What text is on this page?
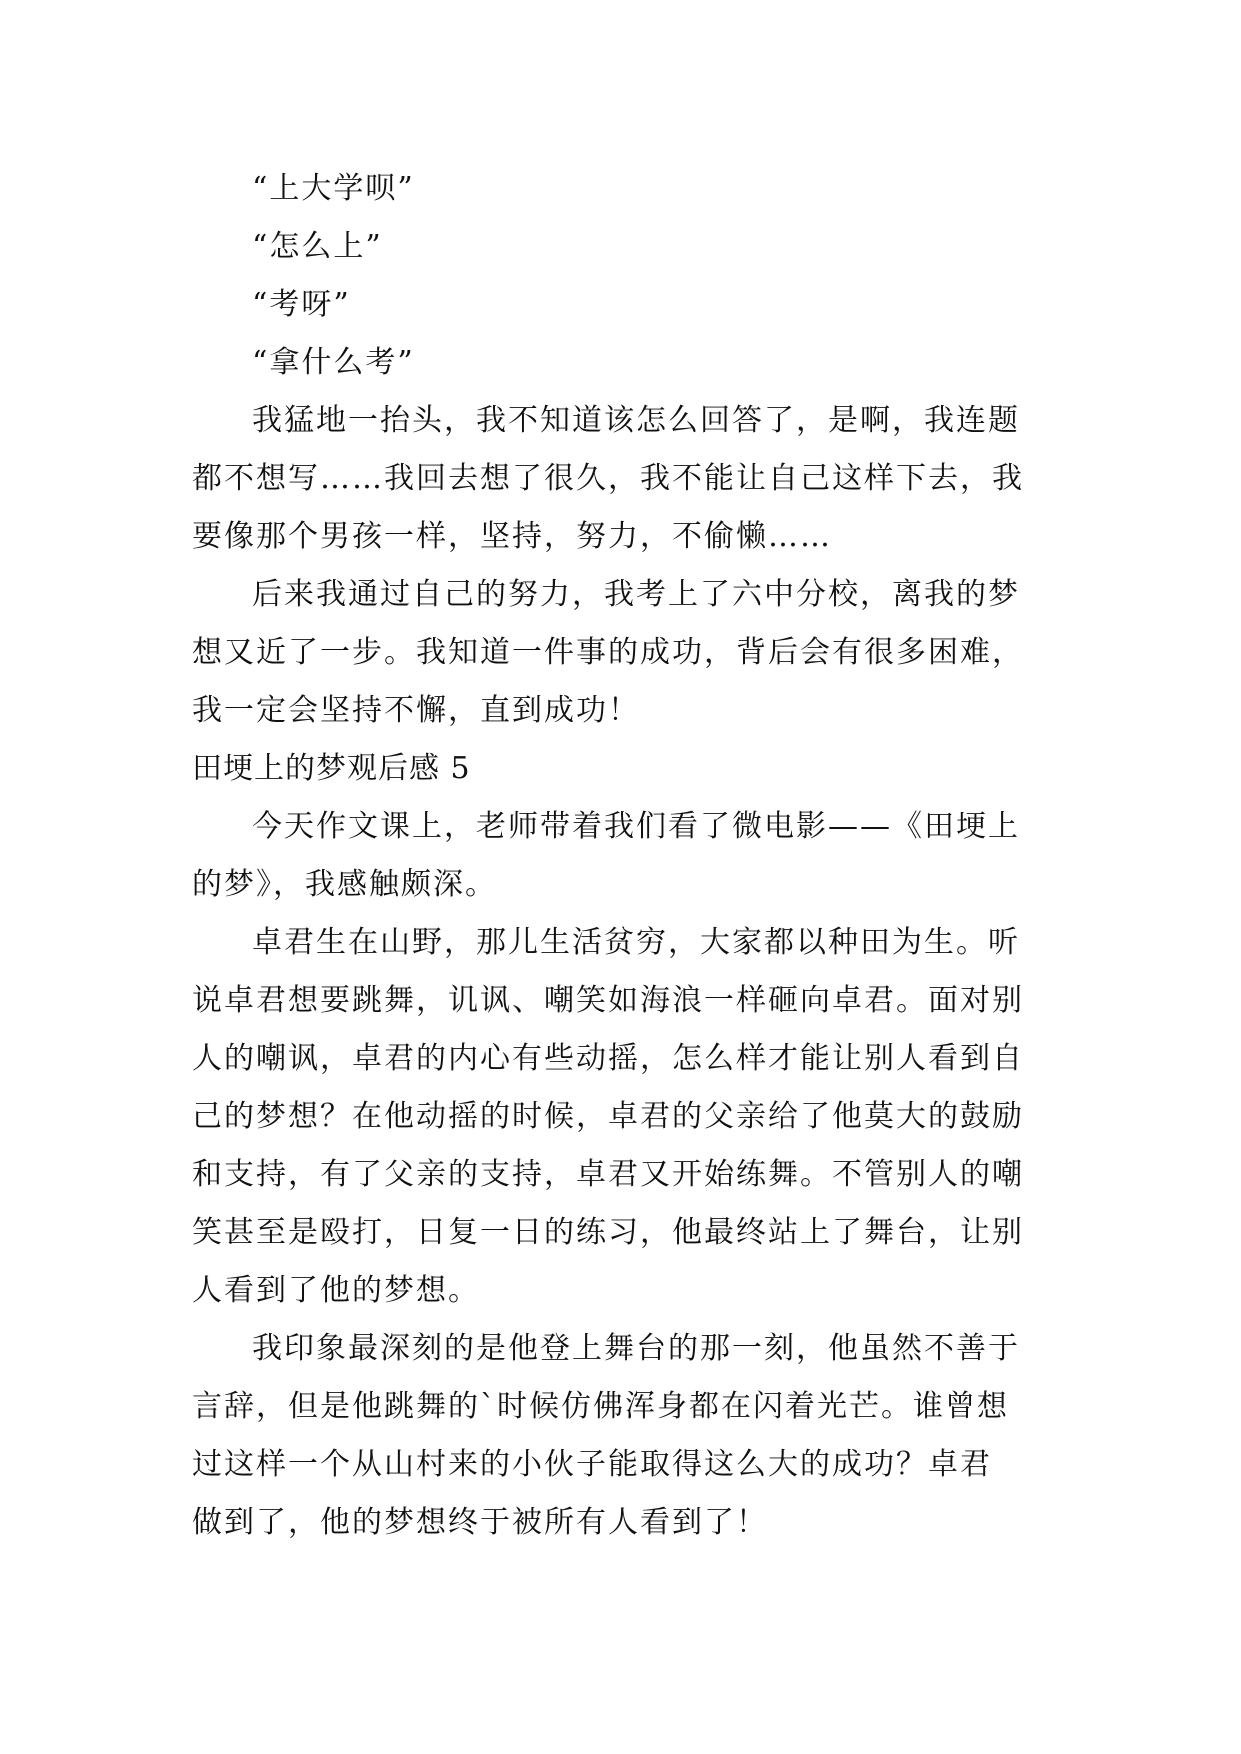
“上大学呗”
“怎么上”
“考呀”
“拿什么考”
我猛地一抬头，我不知道该怎么回答了，是啊，我连题
都不想写……我回去想了很久，我不能让自己这样下去，我
要像那个男孩一样，坚持，努力，不偷懒……
后来我通过自己的努力，我考上了六中分校，离我的梦
想又近了一步。我知道一件事的成功，背后会有很多困难，
我一定会坚持不懈，直到成功！
田埂上的梦观后感 5
今天作文课上，老师带着我们看了微电影——《田埂上
的梦》，我感触颇深。
卓君生在山野，那儿生活贫穷，大家都以种田为生。听
说卓君想要跳舞，讥讽、嘲笑如海浪一样砸向卓君。面对别
人的嘲讽，卓君的内心有些动摇，怎么样才能让别人看到自
己的梦想？在他动摇的时候，卓君的父亲给了他莫大的鼓励
和支持，有了父亲的支持，卓君又开始练舞。不管别人的嘲
笑甚至是殴打，日复一日的练习，他最终站上了舞台，让别
人看到了他的梦想。
我印象最深刻的是他登上舞台的那一刻，他虽然不善于
言辞，但是他跳舞的`时候仿佛浑身都在闪着光芒。谁曾想
过这样一个从山村来的小伙子能取得这么大的成功？卓君
做到了，他的梦想终于被所有人看到了！
